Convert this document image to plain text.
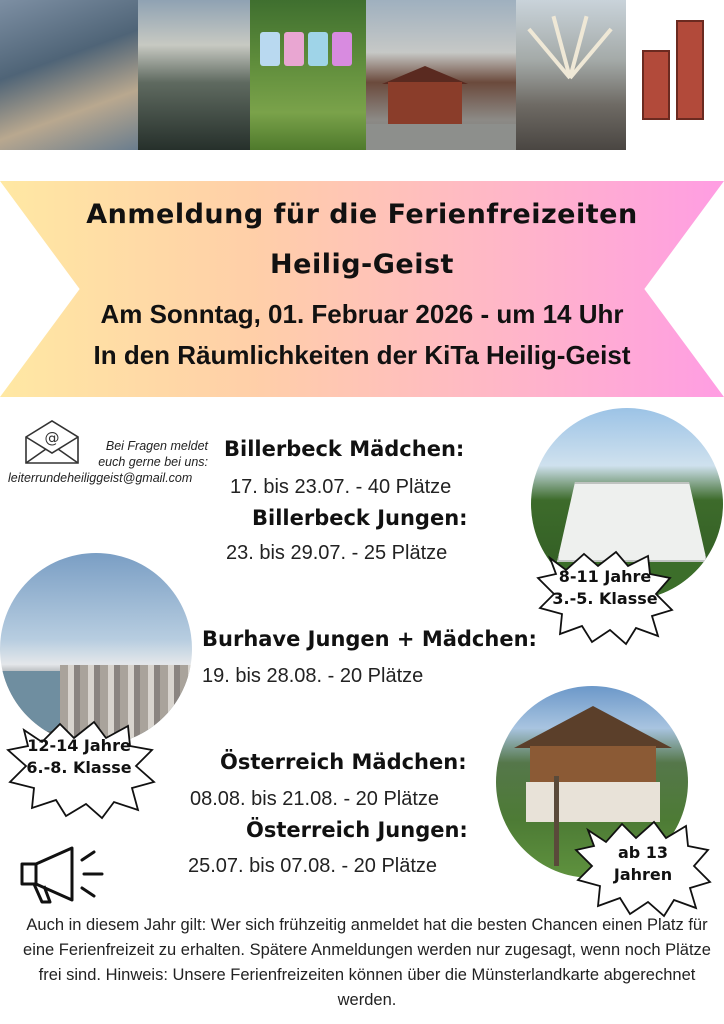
Anmeldung für die Ferienfreizeiten
Heilig-Geist
Am Sonntag, 01. Februar 2026 - um 14 Uhr
In den Räumlichkeiten der KiTa Heilig-Geist
@	Bei Fragen meldet
euch gerne bei uns:
leiterrundeheiliggeist@gmail.com
Billerbeck Mädchen:
17. bis 23.07. - 40 Plätze
Billerbeck Jungen:
23. bis 29.07. - 25 Plätze
Burhave Jungen + Mädchen:
19. bis 28.08. - 20 Plätze
Österreich Mädchen:
08.08. bis 21.08. - 20 Plätze
Österreich Jungen:
25.07. bis 07.08. - 20 Plätze
8-11 Jahre
3.-5. Klasse
12-14 Jahre
6.-8. Klasse
ab 13
Jahren
Auch in diesem Jahr gilt: Wer sich frühzeitig anmeldet hat die besten Chancen einen Platz für eine Ferienfreizeit zu erhalten. Spätere Anmeldungen werden nur zugesagt, wenn noch Plätze frei sind. Hinweis: Unsere Ferienfreizeiten können über die Münsterlandkarte abgerechnet werden.
